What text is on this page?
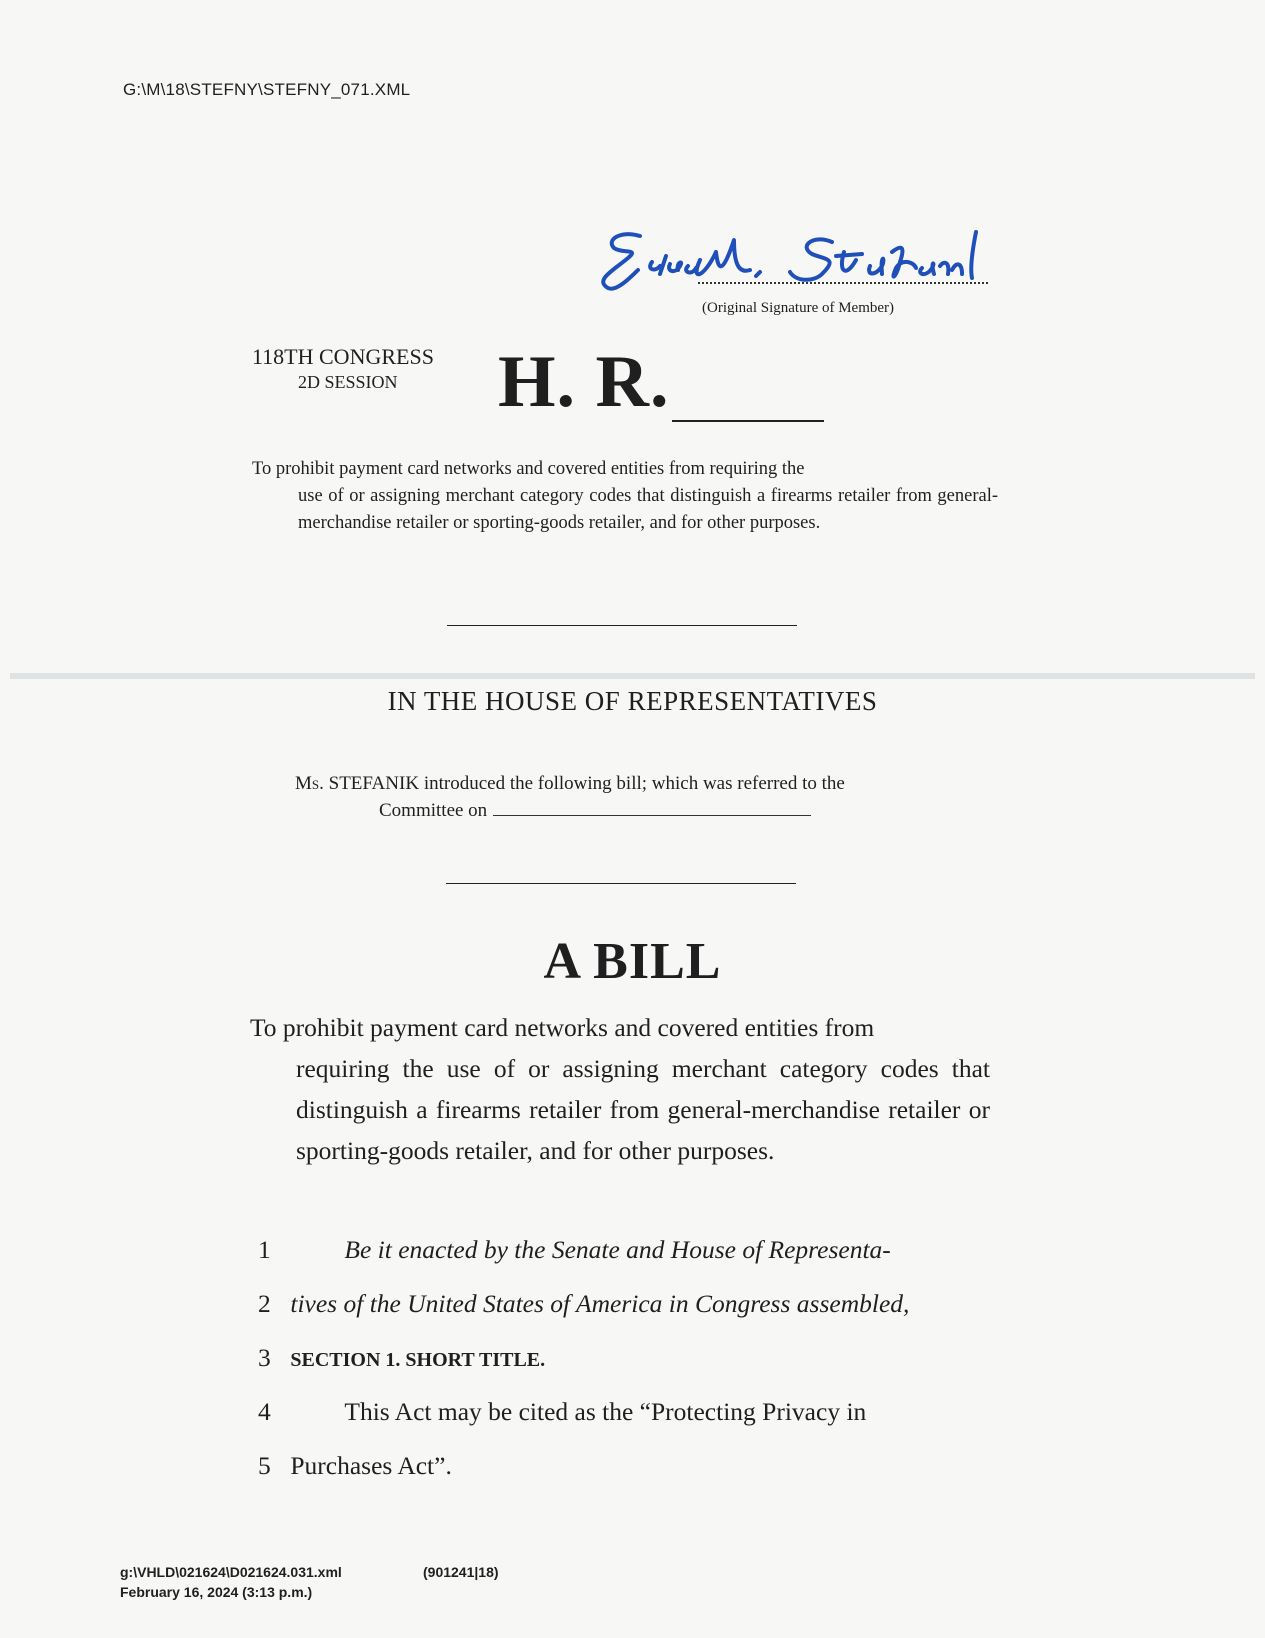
G:\M\18\STEFNY\STEFNY_071.XML
(Original Signature of Member)
118TH CONGRESS
2D SESSION H. R.
To prohibit payment card networks and covered entities from requiring the
use of or assigning merchant category codes that distinguish a firearms retailer from general-merchandise retailer or sporting-goods retailer, and for other purposes.
IN THE HOUSE OF REPRESENTATIVES
Ms. STEFANIK introduced the following bill; which was referred to the
Committee on
A BILL
To prohibit payment card networks and covered entities from
requiring the use of or assigning merchant category codes that distinguish a firearms retailer from general-merchandise retailer or sporting-goods retailer, and for other purposes.
1	Be it enacted by the Senate and House of Representa-
2 tives of the United States of America in Congress assembled,
3 SECTION 1. SHORT TITLE.
4	This Act may be cited as the “Protecting Privacy in
5 Purchases Act”.
g:\VHLD\021624\D021624.031.xml	(901241|18)
February 16, 2024 (3:13 p.m.)
